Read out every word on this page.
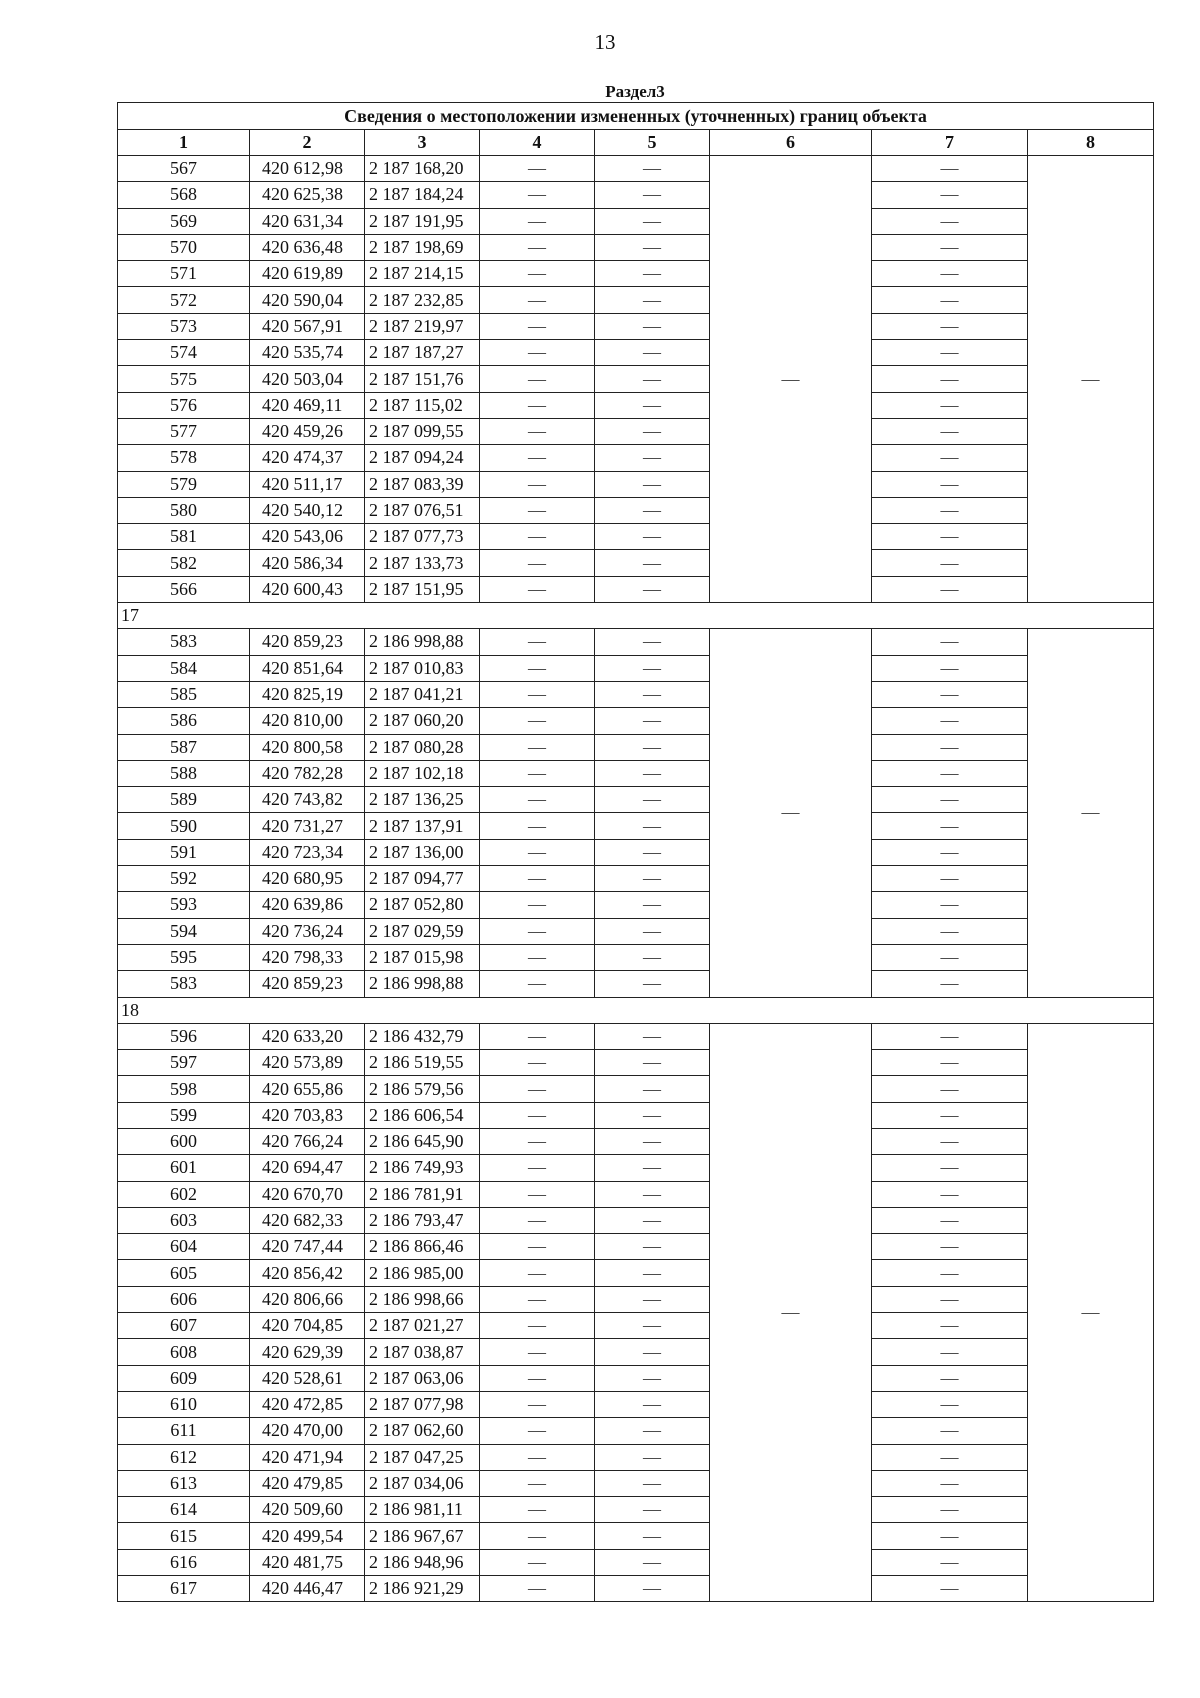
13
Раздел3
Сведения о местоположении измененных (уточненных) границ объекта							
1	2	3	4	5	6	7	8
567	420 612,98	2 187 168,20	—	—	—	—	—
568	420 625,38	2 187 184,24	—	—		—	
569	420 631,34	2 187 191,95	—	—		—	
570	420 636,48	2 187 198,69	—	—		—	
571	420 619,89	2 187 214,15	—	—		—	
572	420 590,04	2 187 232,85	—	—		—	
573	420 567,91	2 187 219,97	—	—		—	
574	420 535,74	2 187 187,27	—	—		—	
575	420 503,04	2 187 151,76	—	—		—	
576	420 469,11	2 187 115,02	—	—		—	
577	420 459,26	2 187 099,55	—	—		—	
578	420 474,37	2 187 094,24	—	—		—	
579	420 511,17	2 187 083,39	—	—		—	
580	420 540,12	2 187 076,51	—	—		—	
581	420 543,06	2 187 077,73	—	—		—	
582	420 586,34	2 187 133,73	—	—		—	
566	420 600,43	2 187 151,95	—	—		—	
17							
583	420 859,23	2 186 998,88	—	—	—	—	—
584	420 851,64	2 187 010,83	—	—		—	
585	420 825,19	2 187 041,21	—	—		—	
586	420 810,00	2 187 060,20	—	—		—	
587	420 800,58	2 187 080,28	—	—		—	
588	420 782,28	2 187 102,18	—	—		—	
589	420 743,82	2 187 136,25	—	—		—	
590	420 731,27	2 187 137,91	—	—		—	
591	420 723,34	2 187 136,00	—	—		—	
592	420 680,95	2 187 094,77	—	—		—	
593	420 639,86	2 187 052,80	—	—		—	
594	420 736,24	2 187 029,59	—	—		—	
595	420 798,33	2 187 015,98	—	—		—	
583	420 859,23	2 186 998,88	—	—		—	
18							
596	420 633,20	2 186 432,79	—	—	—	—	—
597	420 573,89	2 186 519,55	—	—		—	
598	420 655,86	2 186 579,56	—	—		—	
599	420 703,83	2 186 606,54	—	—		—	
600	420 766,24	2 186 645,90	—	—		—	
601	420 694,47	2 186 749,93	—	—		—	
602	420 670,70	2 186 781,91	—	—		—	
603	420 682,33	2 186 793,47	—	—		—	
604	420 747,44	2 186 866,46	—	—		—	
605	420 856,42	2 186 985,00	—	—		—	
606	420 806,66	2 186 998,66	—	—		—	
607	420 704,85	2 187 021,27	—	—		—	
608	420 629,39	2 187 038,87	—	—		—	
609	420 528,61	2 187 063,06	—	—		—	
610	420 472,85	2 187 077,98	—	—		—	
611	420 470,00	2 187 062,60	—	—		—	
612	420 471,94	2 187 047,25	—	—		—	
613	420 479,85	2 187 034,06	—	—		—	
614	420 509,60	2 186 981,11	—	—		—	
615	420 499,54	2 186 967,67	—	—		—	
616	420 481,75	2 186 948,96	—	—		—	
617	420 446,47	2 186 921,29	—	—		—	
